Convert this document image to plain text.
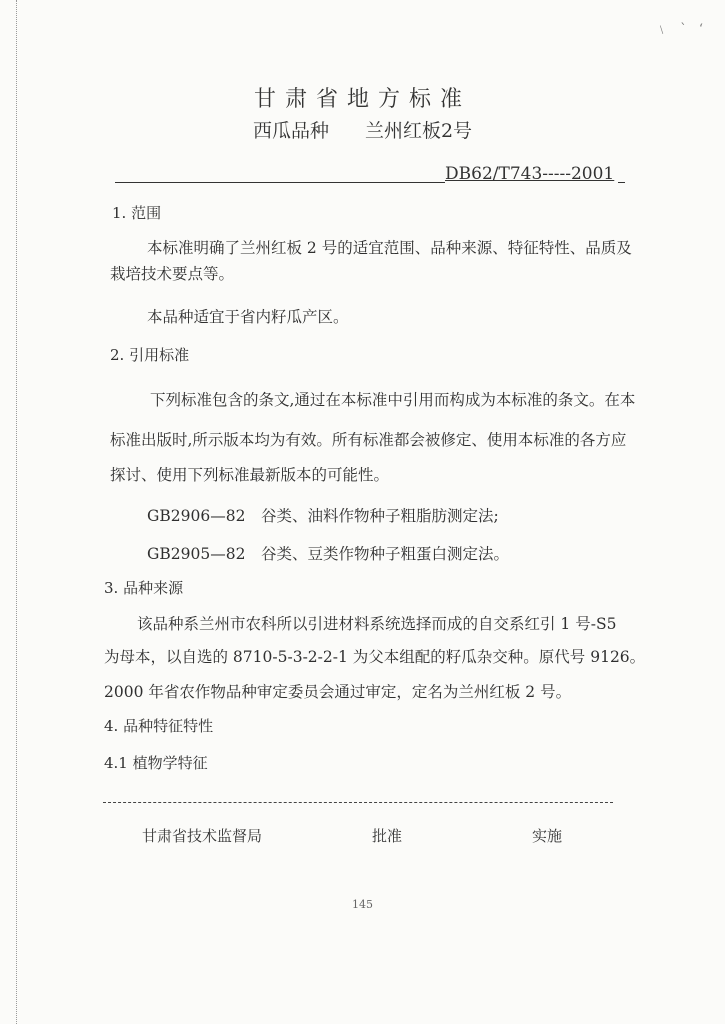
﹨ ` ‘
甘肃省地方标准
西瓜品种 兰州红板2号
DB62/T743-----2001
1. 范围
本标准明确了兰州红板 2 号的适宜范围、品种来源、特征特性、品质及
栽培技术要点等。
本品种适宜于省内籽瓜产区。
2. 引用标准
下列标准包含的条文,通过在本标准中引用而构成为本标准的条文。在本
标准出版时,所示版本均为有效。所有标准都会被修定、使用本标准的各方应
探讨、使用下列标准最新版本的可能性。
GB2906—82　谷类、油料作物种子粗脂肪测定法;
GB2905—82　谷类、豆类作物种子粗蛋白测定法。
3. 品种来源
该品种系兰州市农科所以引进材料系统选择而成的自交系红引 1 号-S5
为母本，以自选的 8710-5-3-2-2-1 为父本组配的籽瓜杂交种。原代号 9126。
2000 年省农作物品种审定委员会通过审定，定名为兰州红板 2 号。
4. 品种特征特性
4.1 植物学特征
甘肃省技术监督局	批准	实施
145
